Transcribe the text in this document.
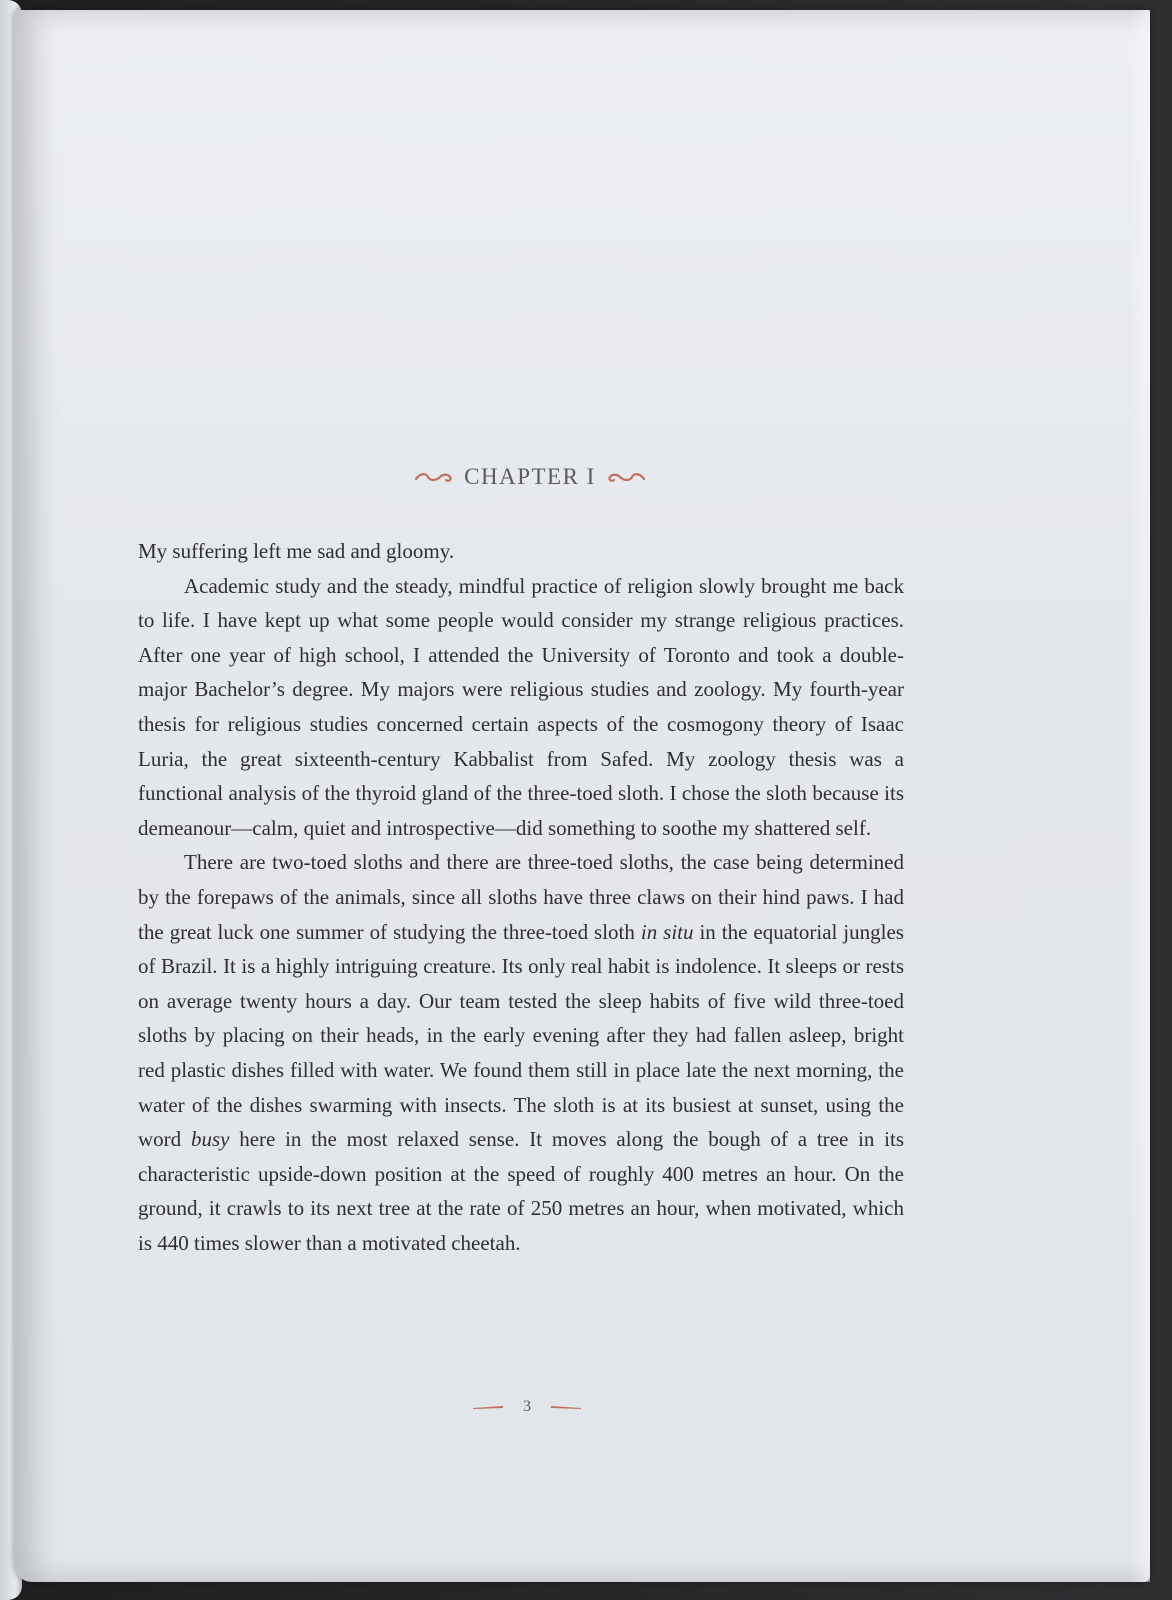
CHAPTER I

My suffering left me sad and gloomy.

Academic study and the steady, mindful practice of religion slowly brought me back to life. I have kept up what some people would consider my strange religious practices. After one year of high school, I attended the University of Toronto and took a double-major Bachelor’s degree. My majors were religious studies and zoology. My fourth-year thesis for religious studies concerned certain aspects of the cosmogony theory of Isaac Luria, the great sixteenth-century Kabbalist from Safed. My zoology thesis was a functional analysis of the thyroid gland of the three-toed sloth. I chose the sloth because its demeanour—calm, quiet and introspective—did something to soothe my shattered self.

There are two-toed sloths and there are three-toed sloths, the case being determined by the forepaws of the animals, since all sloths have three claws on their hind paws. I had the great luck one summer of studying the three-toed sloth in situ in the equatorial jungles of Brazil. It is a highly intriguing creature. Its only real habit is indolence. It sleeps or rests on average twenty hours a day. Our team tested the sleep habits of five wild three-toed sloths by placing on their heads, in the early evening after they had fallen asleep, bright red plastic dishes filled with water. We found them still in place late the next morning, the water of the dishes swarming with insects. The sloth is at its busiest at sunset, using the word busy here in the most relaxed sense. It moves along the bough of a tree in its characteristic upside-down position at the speed of roughly 400 metres an hour. On the ground, it crawls to its next tree at the rate of 250 metres an hour, when motivated, which is 440 times slower than a motivated cheetah.

3
